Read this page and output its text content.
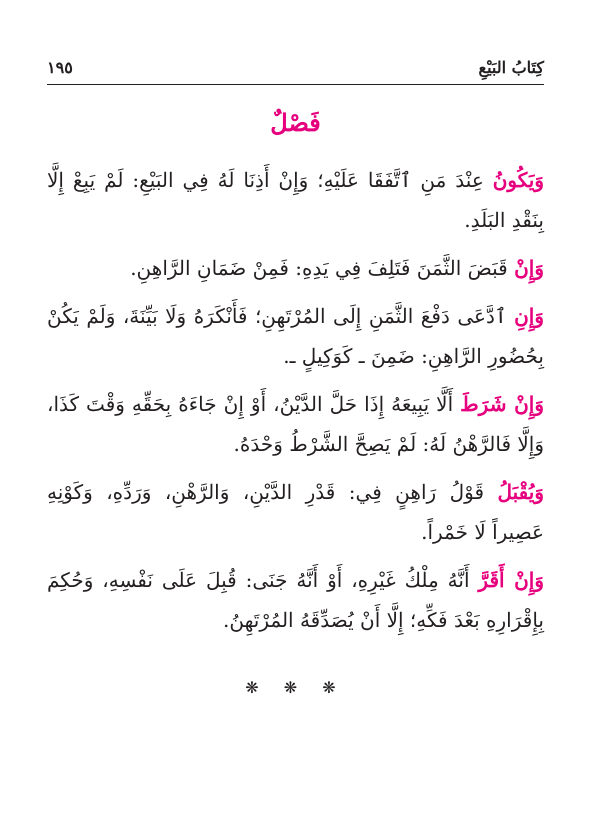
١٩٥	كِتَابُ البَيْعِ
فَصْلٌ

وَيَكُونُ عِنْدَ مَنِ ٱتَّفَقَا عَلَيْهِ؛ وَإِنْ أَذِنَا لَهُ فِي البَيْعِ: لَمْ يَبِعْ إِلَّا بِنَقْدِ البَلَدِ.

وَإِنْ قَبَضَ الثَّمَنَ فَتَلِفَ فِي يَدِهِ: فَمِنْ ضَمَانِ الرَّاهِنِ.

وَإِنِ ٱدَّعَى دَفْعَ الثَّمَنِ إِلَى المُرْتَهِنِ؛ فَأَنْكَرَهُ وَلَا بَيِّنَةَ، وَلَمْ يَكُنْ بِحُضُورِ الرَّاهِنِ: ضَمِنَ ـ كَوَكِيلٍ ـ.

وَإِنْ شَرَطَ أَلَّا يَبِيعَهُ إِذَا حَلَّ الدَّيْنُ، أَوْ إِنْ جَاءَهُ بِحَقِّهِ وَقْتَ كَذَا، وَإِلَّا فَالرَّهْنُ لَهُ: لَمْ يَصِحَّ الشَّرْطُ وَحْدَهُ.

وَيُقْبَلُ قَوْلُ رَاهِنٍ فِي: قَدْرِ الدَّيْنِ، وَالرَّهْنِ، وَرَدِّهِ، وَكَوْنِهِ عَصِيراً لَا خَمْراً.

وَإِنْ أَقَرَّ أَنَّهُ مِلْكُ غَيْرِهِ، أَوْ أَنَّهُ جَنَى: قُبِلَ عَلَى نَفْسِهِ، وَحُكِمَ بِإِقْرَارِهِ بَعْدَ فَكِّهِ؛ إِلَّا أَنْ يُصَدِّقَهُ المُرْتَهِنُ.

❋ ❋ ❋
